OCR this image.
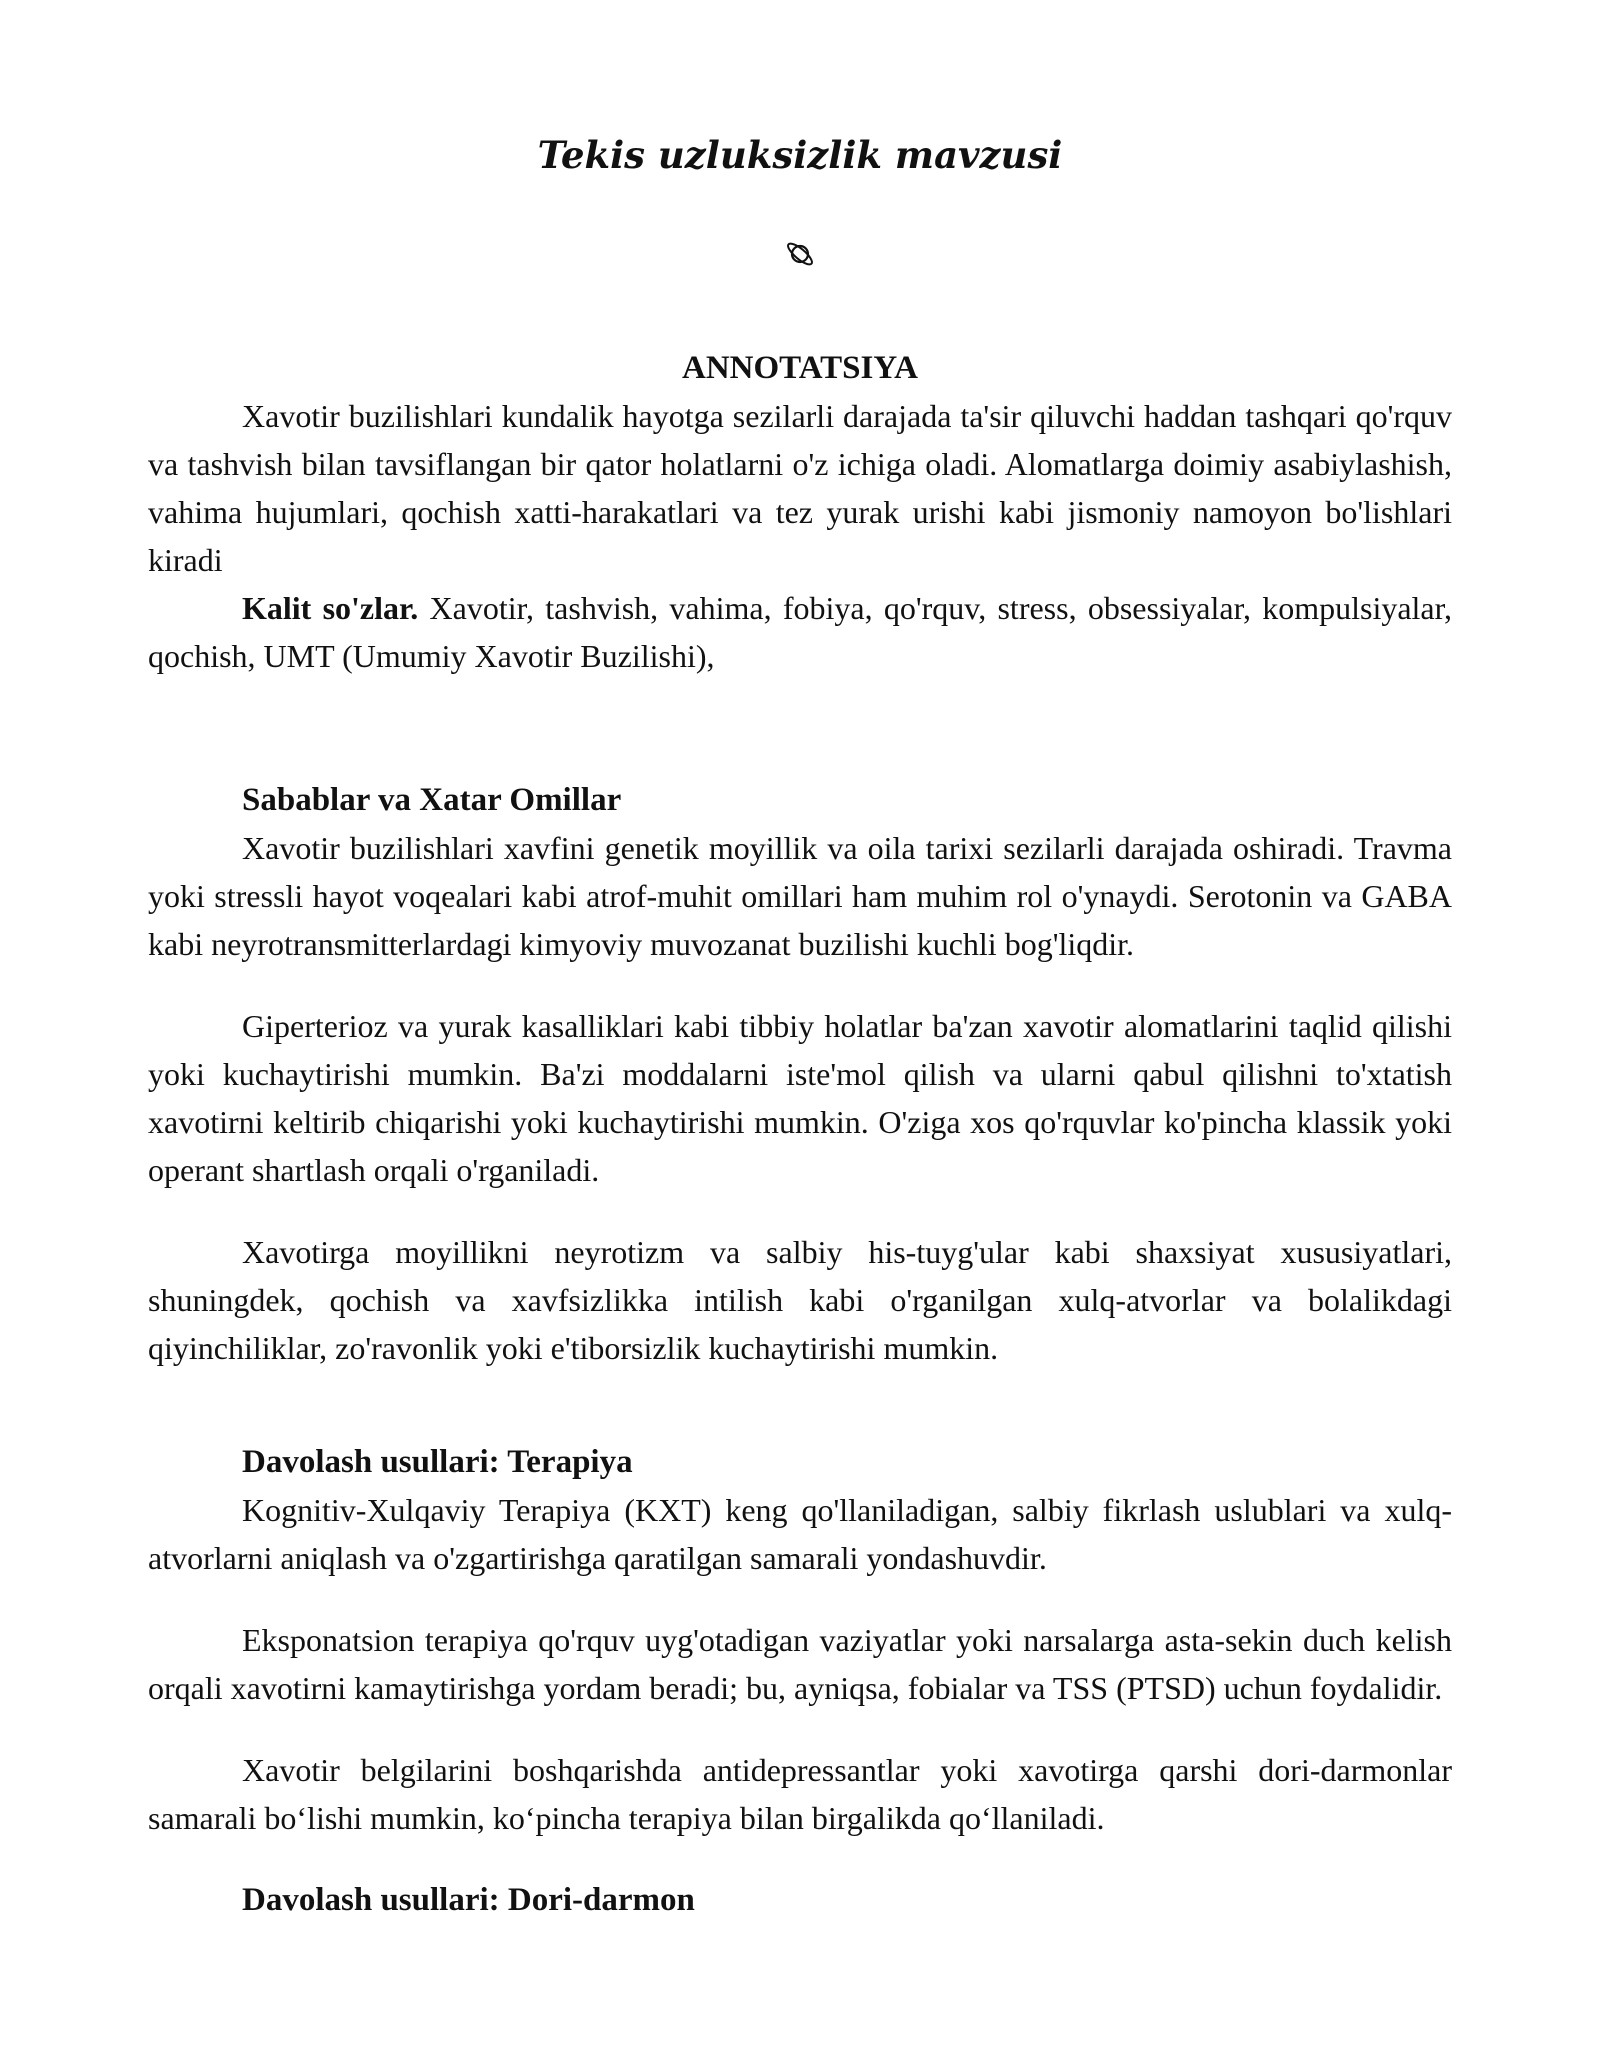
Tekis uzluksizlik mavzusi
ANNOTATSIYA

Xavotir buzilishlari kundalik hayotga sezilarli darajada ta'sir qiluvchi haddan tashqari qo'rquv va tashvish bilan tavsiflangan bir qator holatlarni o'z ichiga oladi. Alomatlarga doimiy asabiylashish, vahima hujumlari, qochish xatti-harakatlari va tez yurak urishi kabi jismoniy namoyon bo'lishlari kiradi

Kalit so'zlar. Xavotir, tashvish, vahima, fobiya, qo'rquv, stress, obsessiyalar, kompulsiyalar, qochish, UMT (Umumiy Xavotir Buzilishi),

Sabablar va Xatar Omillar

Xavotir buzilishlari xavfini genetik moyillik va oila tarixi sezilarli darajada oshiradi. Travma yoki stressli hayot voqealari kabi atrof-muhit omillari ham muhim rol o'ynaydi. Serotonin va GABA kabi neyrotransmitterlardagi kimyoviy muvozanat buzilishi kuchli bog'liqdir.

Giperterioz va yurak kasalliklari kabi tibbiy holatlar ba'zan xavotir alomatlarini taqlid qilishi yoki kuchaytirishi mumkin. Ba'zi moddalarni iste'mol qilish va ularni qabul qilishni to'xtatish xavotirni keltirib chiqarishi yoki kuchaytirishi mumkin. O'ziga xos qo'rquvlar ko'pincha klassik yoki operant shartlash orqali o'rganiladi.

Xavotirga moyillikni neyrotizm va salbiy his-tuyg'ular kabi shaxsiyat xususiyatlari, shuningdek, qochish va xavfsizlikka intilish kabi o'rganilgan xulq-atvorlar va bolalikdagi qiyinchiliklar, zo'ravonlik yoki e'tiborsizlik kuchaytirishi mumkin.

Davolash usullari: Terapiya

Kognitiv-Xulqaviy Terapiya (KXT) keng qo'llaniladigan, salbiy fikrlash uslublari va xulq-atvorlarni aniqlash va o'zgartirishga qaratilgan samarali yondashuvdir.

Eksponatsion terapiya qo'rquv uyg'otadigan vaziyatlar yoki narsalarga asta-sekin duch kelish orqali xavotirni kamaytirishga yordam beradi; bu, ayniqsa, fobialar va TSS (PTSD) uchun foydalidir.

Xavotir belgilarini boshqarishda antidepressantlar yoki xavotirga qarshi dori-darmonlar samarali bo‘lishi mumkin, ko‘pincha terapiya bilan birgalikda qo‘llaniladi.

Davolash usullari: Dori-darmon
